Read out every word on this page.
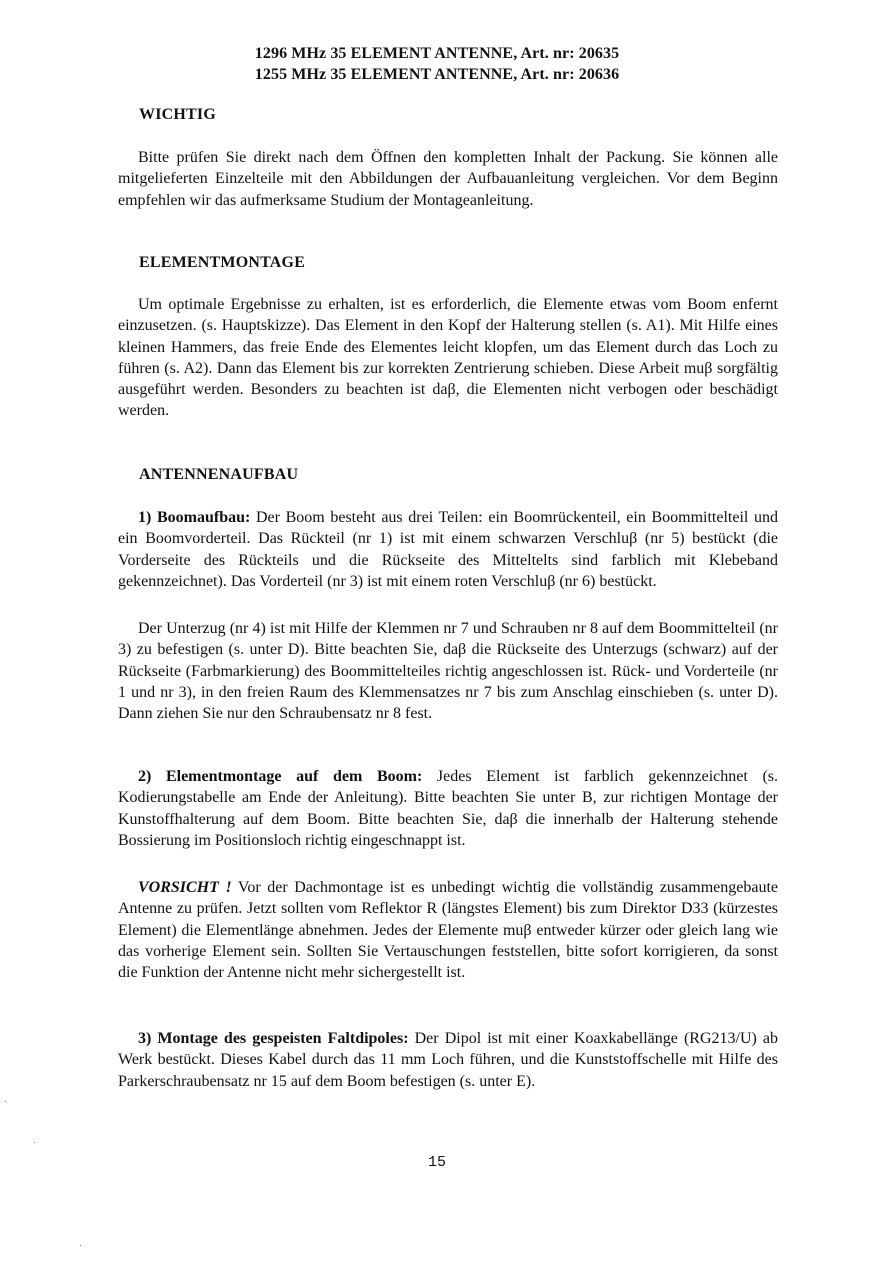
1296 MHz 35 ELEMENT ANTENNE, Art. nr: 20635

1255 MHz 35 ELEMENT ANTENNE, Art. nr: 20636

WICHTIG

Bitte prüfen Sie direkt nach dem Öffnen den kompletten Inhalt der Packung. Sie können alle mitgelieferten Einzelteile mit den Abbildungen der Aufbauanleitung vergleichen. Vor dem Beginn empfehlen wir das aufmerksame Studium der Montageanleitung.

ELEMENTMONTAGE

Um optimale Ergebnisse zu erhalten, ist es erforderlich, die Elemente etwas vom Boom enfernt einzusetzen. (s. Hauptskizze). Das Element in den Kopf der Halterung stellen (s. A1). Mit Hilfe eines kleinen Hammers, das freie Ende des Elementes leicht klopfen, um das Element durch das Loch zu führen (s. A2). Dann das Element bis zur korrekten Zentrierung schieben. Diese Arbeit muβ sorgfältig ausgeführt werden. Besonders zu beachten ist daβ, die Elementen nicht verbogen oder beschädigt werden.

ANTENNENAUFBAU

1) Boomaufbau: Der Boom besteht aus drei Teilen: ein Boomrückenteil, ein Boommittelteil und ein Boomvorderteil. Das Rückteil (nr 1) ist mit einem schwarzen Verschluβ (nr 5) bestückt (die Vorderseite des Rückteils und die Rückseite des Mitteltelts sind farblich mit Klebeband gekennzeichnet). Das Vorderteil (nr 3) ist mit einem roten Verschluβ (nr 6) bestückt.

Der Unterzug (nr 4) ist mit Hilfe der Klemmen nr 7 und Schrauben nr 8 auf dem Boommittelteil (nr 3) zu befestigen (s. unter D). Bitte beachten Sie, daβ die Rückseite des Unterzugs (schwarz) auf der Rückseite (Farbmarkierung) des Boommittelteiles richtig angeschlossen ist. Rück- und Vorderteile (nr 1 und nr 3), in den freien Raum des Klemmensatzes nr 7 bis zum Anschlag einschieben (s. unter D). Dann ziehen Sie nur den Schraubensatz nr 8 fest.

2) Elementmontage auf dem Boom: Jedes Element ist farblich gekennzeichnet (s. Kodierungstabelle am Ende der Anleitung). Bitte beachten Sie unter B, zur richtigen Montage der Kunstoffhalterung auf dem Boom. Bitte beachten Sie, daβ die innerhalb der Halterung stehende Bossierung im Positionsloch richtig eingeschnappt ist.

VORSICHT ! Vor der Dachmontage ist es unbedingt wichtig die vollständig zusammengebaute Antenne zu prüfen. Jetzt sollten vom Reflektor R (längstes Element) bis zum Direktor D33 (kürzestes Element) die Elementlänge abnehmen. Jedes der Elemente muβ entweder kürzer oder gleich lang wie das vorherige Element sein. Sollten Sie Vertauschungen feststellen, bitte sofort korrigieren, da sonst die Funktion der Antenne nicht mehr sichergestellt ist.

3) Montage des gespeisten Faltdipoles: Der Dipol ist mit einer Koaxkabellänge (RG213/U) ab Werk bestückt. Dieses Kabel durch das 11 mm Loch führen, und die Kunststoffschelle mit Hilfe des Parkerschraubensatz nr 15 auf dem Boom befestigen (s. unter E).

15
